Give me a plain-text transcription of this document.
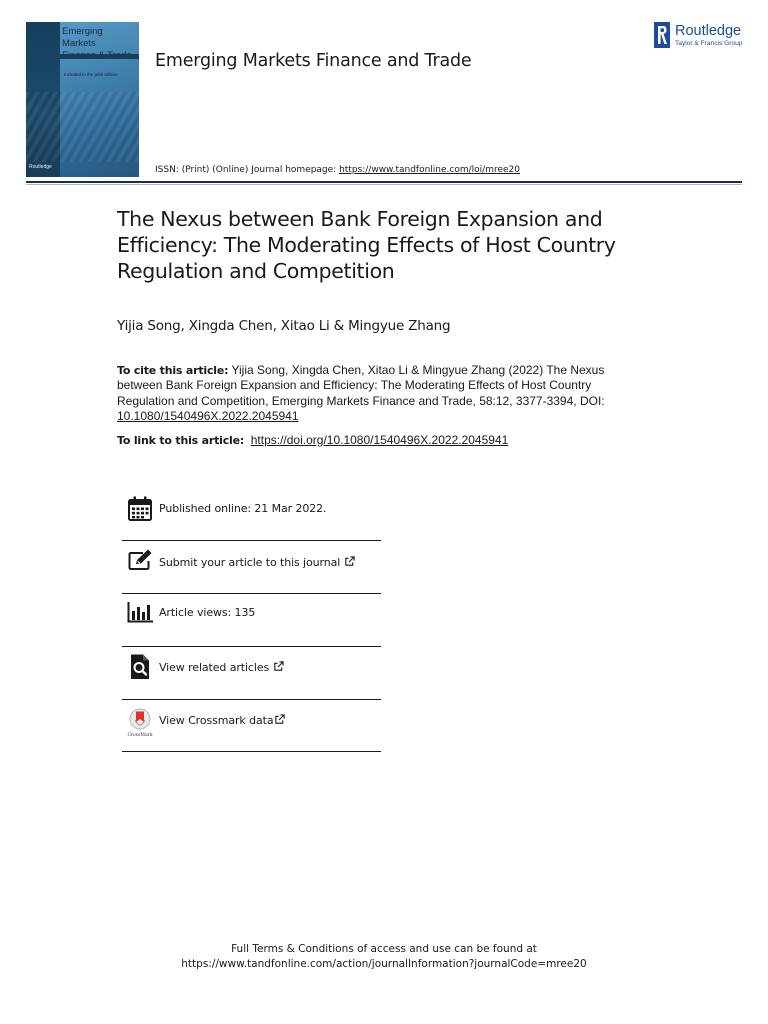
Emerging Markets
Included in the print edition
Routledge
Emerging Markets Finance and Trade
Routledge
Taylor & Francis Group
ISSN: (Print) (Online) Journal homepage: https://www.tandfonline.com/loi/mree20
The Nexus between Bank Foreign Expansion and Efficiency: The Moderating Effects of Host Country Regulation and Competition
Yijia Song, Xingda Chen, Xitao Li & Mingyue Zhang
To cite this article: Yijia Song, Xingda Chen, Xitao Li & Mingyue Zhang (2022) The Nexus between Bank Foreign Expansion and Efficiency: The Moderating Effects of Host Country Regulation and Competition, Emerging Markets Finance and Trade, 58:12, 3377-3394, DOI: 10.1080/1540496X.2022.2045941
To link to this article: https://doi.org/10.1080/1540496X.2022.2045941
Published online: 21 Mar 2022.
Submit your article to this journal
Article views: 135
View related articles
CrossMark
View Crossmark data
Full Terms & Conditions of access and use can be found at
https://www.tandfonline.com/action/journalInformation?journalCode=mree20
